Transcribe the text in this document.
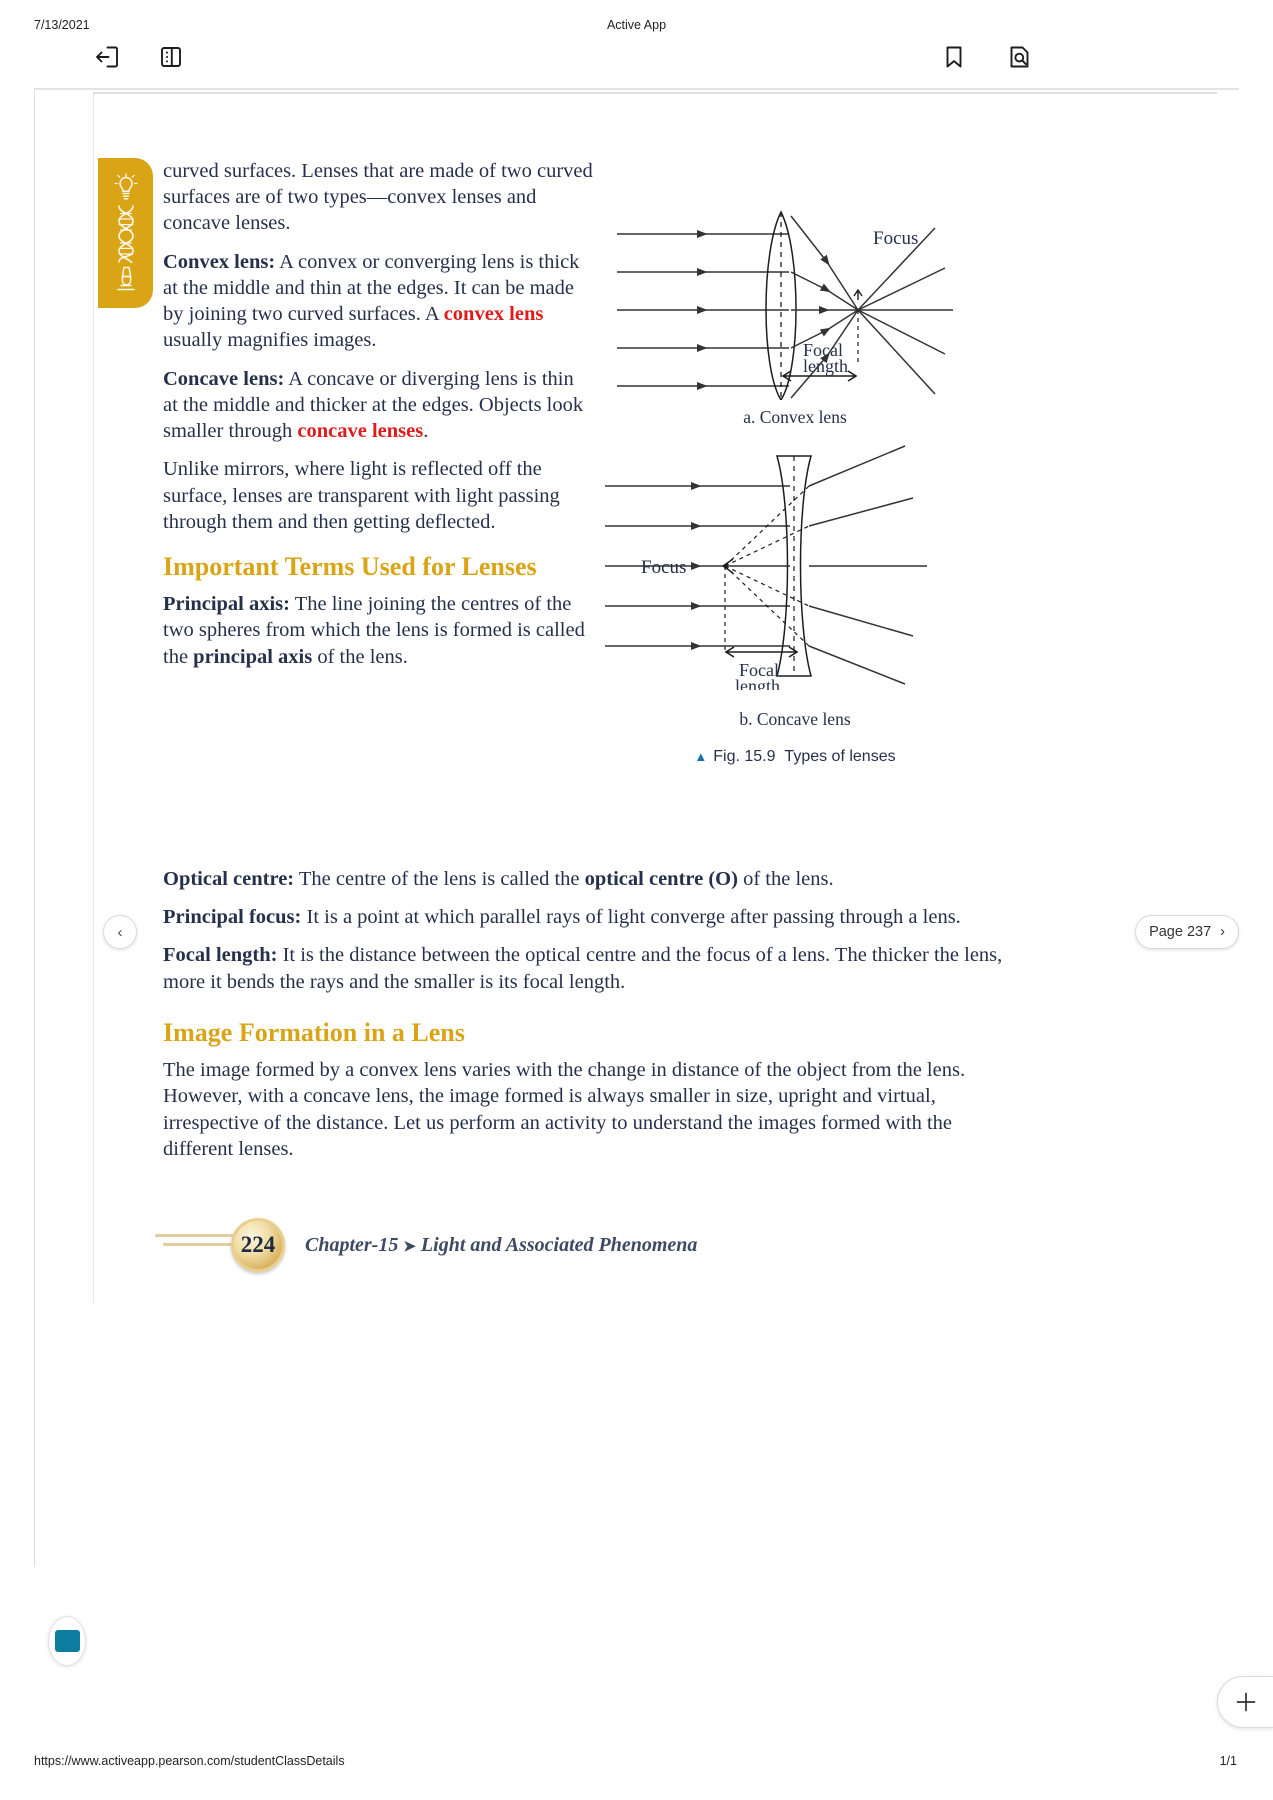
7/13/2021	Active App

curved surfaces. Lenses that are made of two curved surfaces are of two types—convex lenses and concave lenses.

Convex lens: A convex or converging lens is thick at the middle and thin at the edges. It can be made by joining two curved surfaces. A convex lens usually magnifies images.

Concave lens: A concave or diverging lens is thin at the middle and thicker at the edges. Objects look smaller through concave lenses.

Unlike mirrors, where light is reflected off the surface, lenses are transparent with light passing through them and then getting deflected.

Important Terms Used for Lenses

Principal axis: The line joining the centres of the two spheres from which the lens is formed is called the principal axis of the lens.

Focus
Focal
length
a. Convex lens
Focus
Focal
length
b. Concave lens
▲ Fig. 15.9 Types of lenses

Optical centre: The centre of the lens is called the optical centre (O) of the lens.

Principal focus: It is a point at which parallel rays of light converge after passing through a lens.

Focal length: It is the distance between the optical centre and the focus of a lens. The thicker the lens, more it bends the rays and the smaller is its focal length.

Image Formation in a Lens

The image formed by a convex lens varies with the change in distance of the object from the lens. However, with a concave lens, the image formed is always smaller in size, upright and virtual, irrespective of the distance. Let us perform an activity to understand the images formed with the different lenses.

224 Chapter-15 ➤ Light and Associated Phenomena
‹	Page 237 ›
https://www.activeapp.pearson.com/studentClassDetails	1/1
